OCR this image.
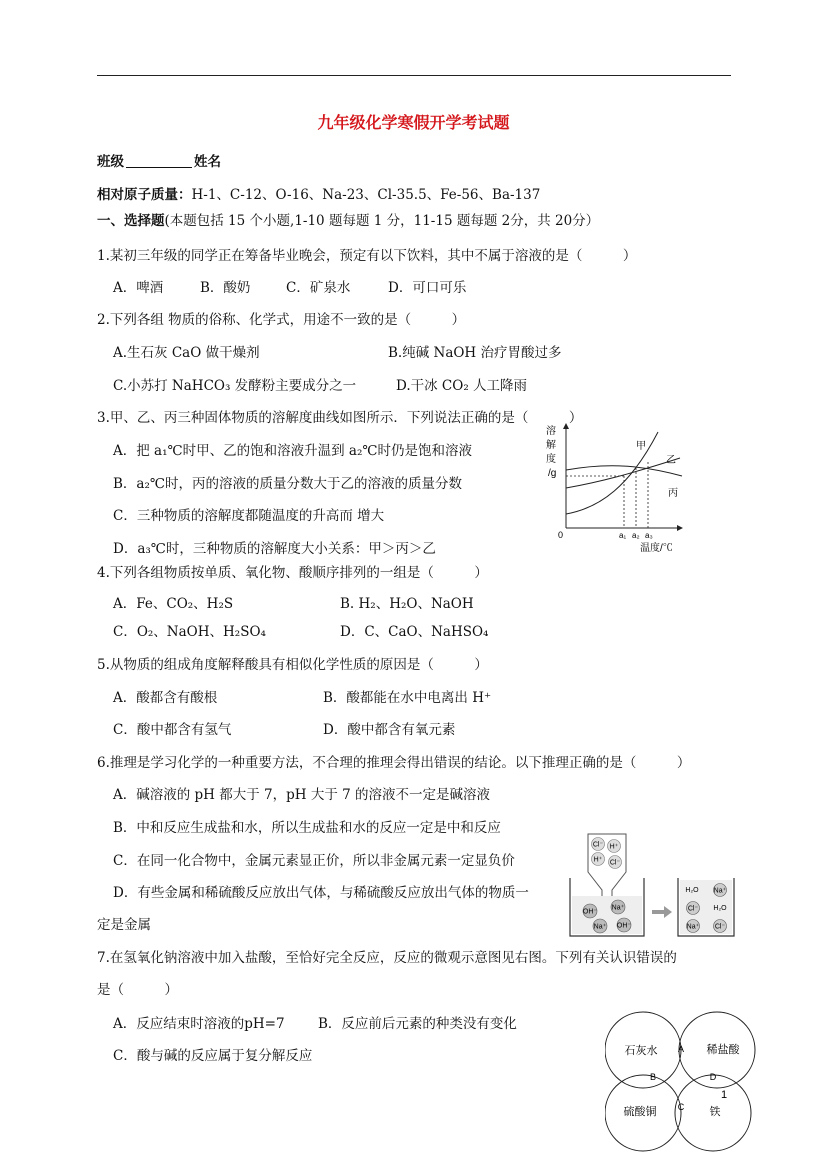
九年级化学寒假开学考试题
班级	姓名
相对原子质量：H-1、C-12、O-16、Na-23、Cl-35.5、Fe-56、Ba-137
一、选择题(本题包括 15 个小题,1-10 题每题 1 分，11-15 题每题 2分，共 20分）
1.某初三年级的同学正在筹备毕业晚会，预定有以下饮料，其中不属于溶液的是（　　　）
A．啤酒	B．酸奶	C．矿泉水	D．可口可乐
2.下列各组 物质的俗称、化学式，用途不一致的是（　　　）
A.生石灰 CaO 做干燥剂	B.纯碱 NaOH 治疗胃酸过多
C.小苏打 NaHCO₃ 发酵粉主要成分之一	D.干冰 CO₂ 人工降雨
3.甲、乙、丙三种固体物质的溶解度曲线如图所示．下列说法正确的是（　　　）
A．把 a₁℃时甲、乙的饱和溶液升温到 a₂℃时仍是饱和溶液
B．a₂℃时，丙的溶液的质量分数大于乙的溶液的质量分数
C．三种物质的溶解度都随温度的升高而 增大
D．a₃℃时，三种物质的溶解度大小关系：甲＞丙＞乙
溶
解
度
/g
0
温度/℃
a₁ a₂ a₃
甲
乙
丙
4.下列各组物质按单质、氧化物、酸顺序排列的一组是（　　　）
A．Fe、CO₂、H₂S	B. H₂、H₂O、NaOH
C．O₂、NaOH、H₂SO₄	D．C、CaO、NaHSO₄
5.从物质的组成角度解释酸具有相似化学性质的原因是（　　　）
A．酸都含有酸根	B．酸都能在水中电离出 H⁺
C．酸中都含有氢气	D．酸中都含有氧元素
6.推理是学习化学的一种重要方法，不合理的推理会得出错误的结论。以下推理正确的是（　　　）
A．碱溶液的 pH 都大于 7，pH 大于 7 的溶液不一定是碱溶液
B．中和反应生成盐和水，所以生成盐和水的反应一定是中和反应
C．在同一化合物中，金属元素显正价，所以非金属元素一定显负价
D．有些金属和稀硫酸反应放出气体，与稀硫酸反应放出气体的物质一
定是金属
Cl⁻ H⁺
H⁺ Cl⁻
OH⁻
Na⁺
Na⁺ OH⁻
H₂O Na⁺
Cl⁻ H₂O
Na⁺ Cl⁻
7.在氢氧化钠溶液中加入盐酸，至恰好完全反应，反应的微观示意图见右图。下列有关认识错误的
是（　　　）
A．反应结束时溶液的pH=7 B．反应前后元素的种类没有变化
C．酸与碱的反应属于复分解反应	石灰水	稀盐酸
硫酸铜	铁
A
B
C
D
1
